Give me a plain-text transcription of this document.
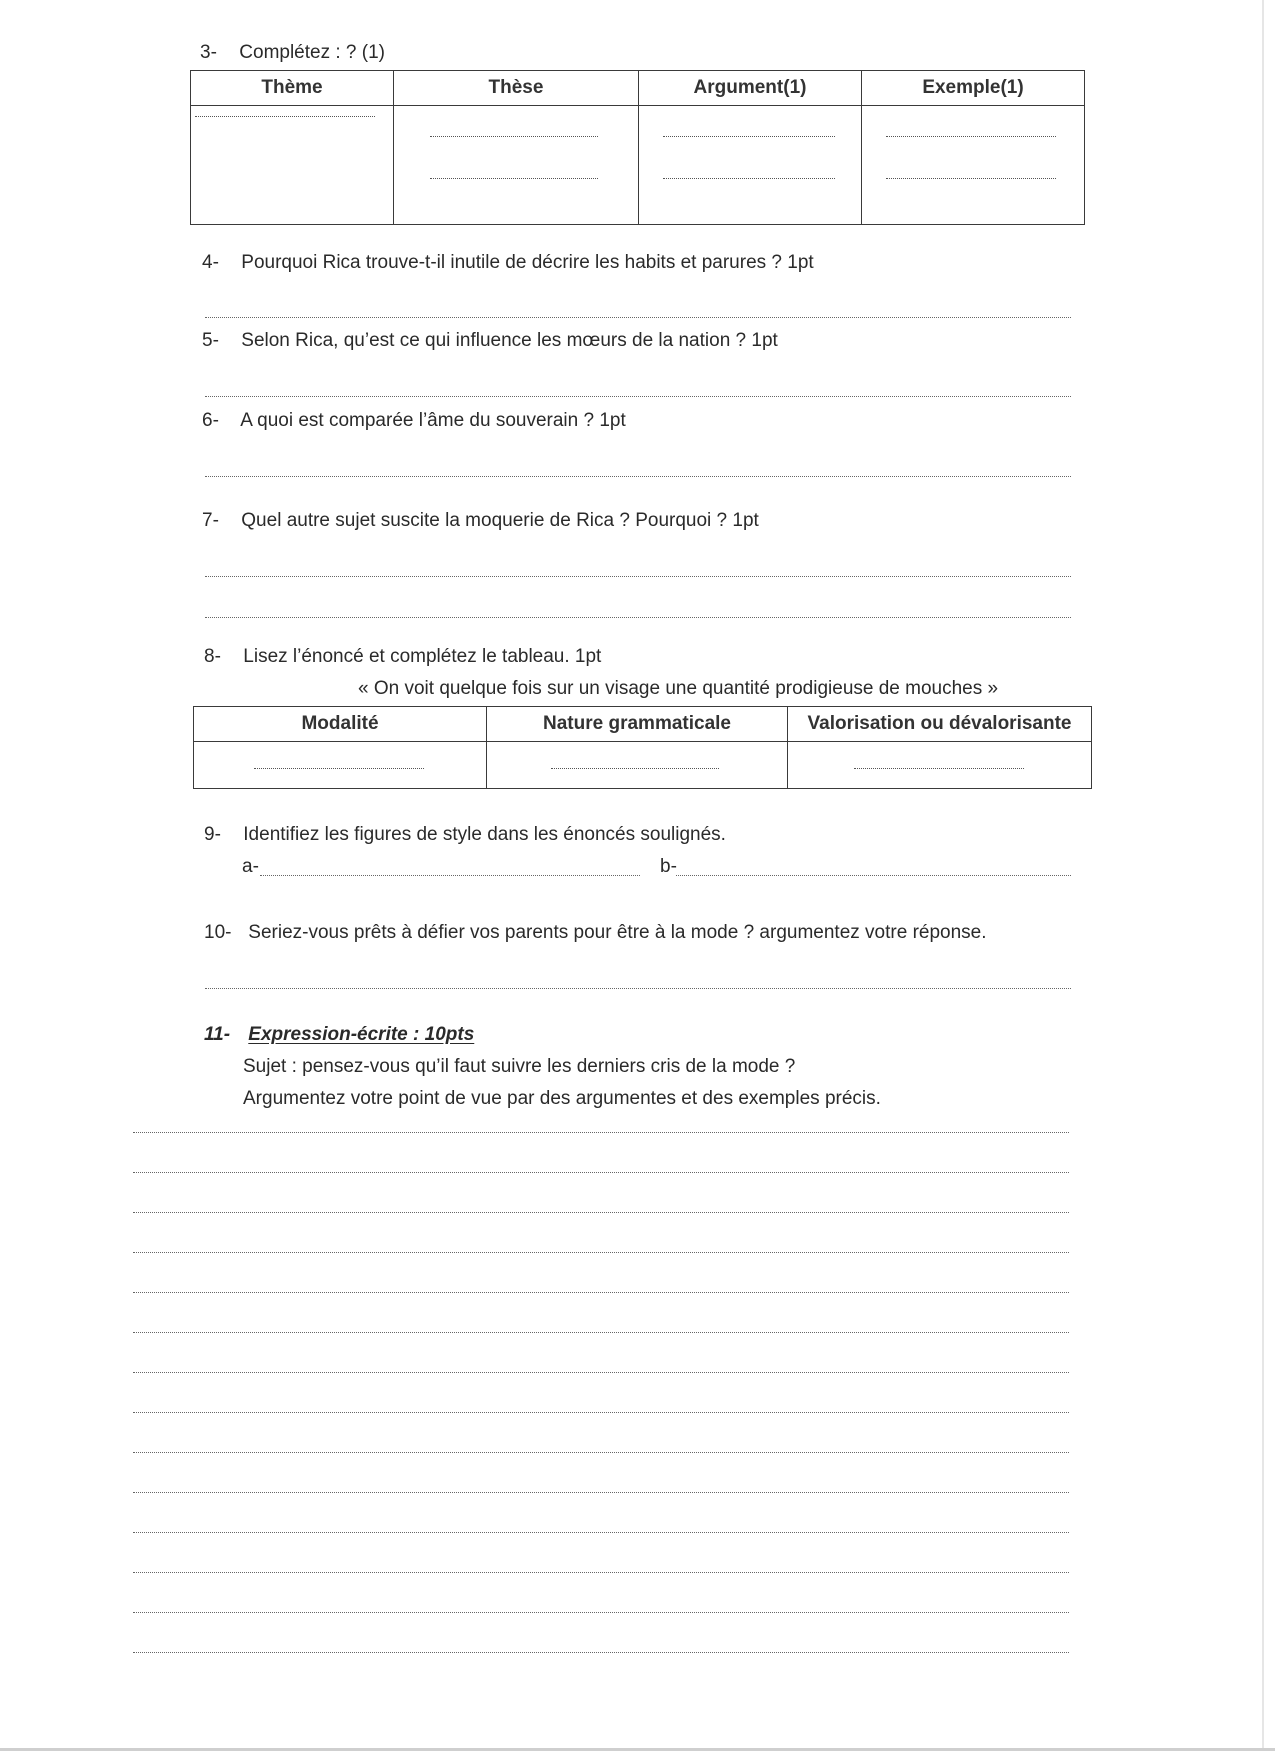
3- Complétez : ? (1)
Thème	Thèse	Argument(1)	Exemple(1)

4- Pourquoi Rica trouve-t-il inutile de décrire les habits et parures ? 1pt
5- Selon Rica, qu’est ce qui influence les mœurs de la nation ? 1pt
6- A quoi est comparée l’âme du souverain ? 1pt
7- Quel autre sujet suscite la moquerie de Rica ? Pourquoi ? 1pt
8- Lisez l’énoncé et complétez le tableau. 1pt
« On voit quelque fois sur un visage une quantité prodigieuse de mouches »
Modalité	Nature grammaticale	Valorisation ou dévalorisante

9- Identifiez les figures de style dans les énoncés soulignés.
a-	b-
10- Seriez-vous prêts à défier vos parents pour être à la mode ? argumentez votre réponse.
11- Expression-écrite : 10pts
Sujet : pensez-vous qu’il faut suivre les derniers cris de la mode ?
Argumentez votre point de vue par des argumentes et des exemples précis.
